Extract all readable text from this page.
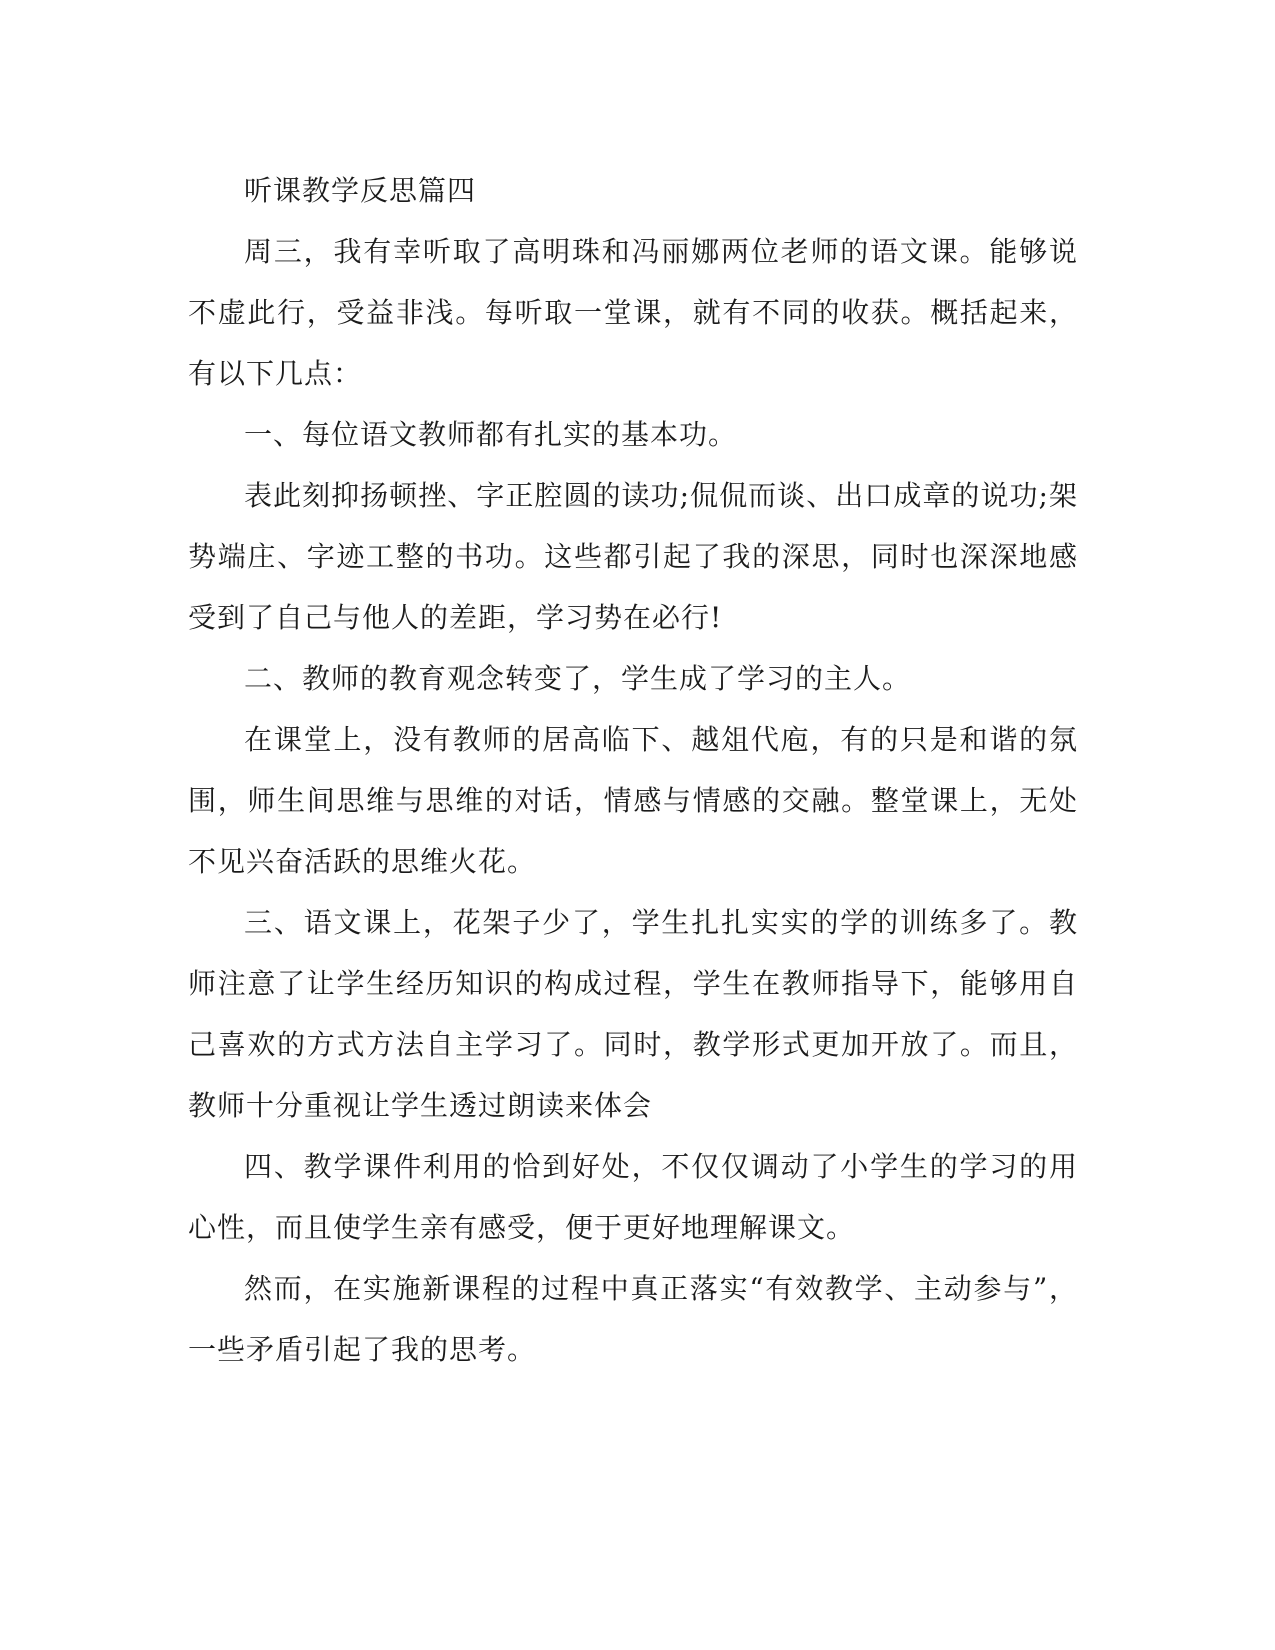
听课教学反思篇四

周三，我有幸听取了高明珠和冯丽娜两位老师的语文课。能够说不虚此行，受益非浅。每听取一堂课，就有不同的收获。概括起来，有以下几点：

一、每位语文教师都有扎实的基本功。

表此刻抑扬顿挫、字正腔圆的读功;侃侃而谈、出口成章的说功;架势端庄、字迹工整的书功。这些都引起了我的深思，同时也深深地感受到了自己与他人的差距，学习势在必行!

二、教师的教育观念转变了，学生成了学习的主人。

在课堂上，没有教师的居高临下、越俎代庖，有的只是和谐的氛围，师生间思维与思维的对话，情感与情感的交融。整堂课上，无处不见兴奋活跃的思维火花。

三、语文课上，花架子少了，学生扎扎实实的学的训练多了。教师注意了让学生经历知识的构成过程，学生在教师指导下，能够用自己喜欢的方式方法自主学习了。同时，教学形式更加开放了。而且，教师十分重视让学生透过朗读来体会

四、教学课件利用的恰到好处，不仅仅调动了小学生的学习的用心性，而且使学生亲有感受，便于更好地理解课文。

然而，在实施新课程的过程中真正落实“有效教学、主动参与”，一些矛盾引起了我的思考。
